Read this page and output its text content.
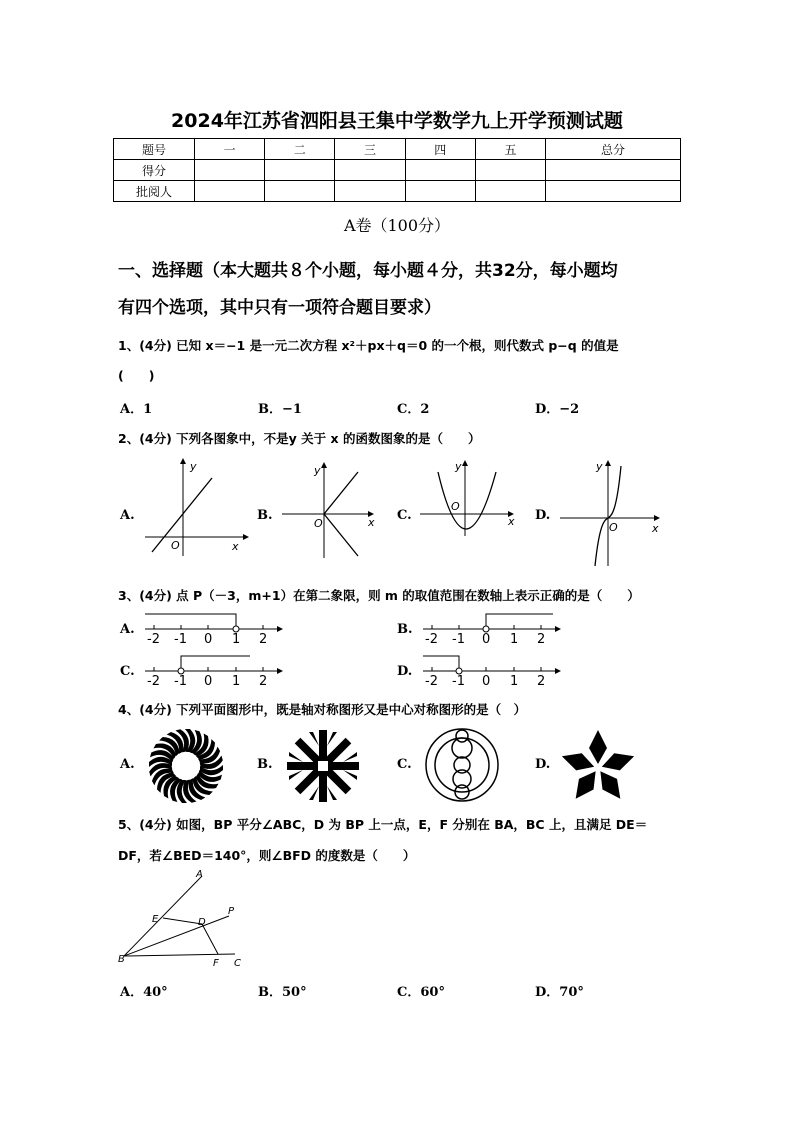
2024年江苏省泗阳县王集中学数学九上开学预测试题
题号	一	二	三	四	五	总分
得分						
批阅人						
A卷（100分）
一、选择题（本大题共８个小题，每小题４分，共32分，每小题均
有四个选项，其中只有一项符合题目要求）
1、(4分) 已知 x＝−1 是一元二次方程 x²＋px＋q＝0 的一个根，则代数式 p−q 的值是
(　　)
A．1	B．−1	C．2	D．−2
2、(4分) 下列各图象中，不是y 关于 x 的函数图象的是（　　）
A.	B.	C.	D.
y
x
O
y
x
O
y
x
O
y
x
O
3、(4分) 点 P（－3，m+1）在第二象限，则 m 的取值范围在数轴上表示正确的是（　　）
A.	B.
C.	D.
-2 -1 0 1 2	-2 -1 0 1 2
-2 -1 0 1 2	-2 -1 0 1 2
4、(4分) 下列平面图形中，既是轴对称图形又是中心对称图形的是（　）
A.	B.	C.	D.
5、(4分) 如图，BP 平分∠ABC，D 为 BP 上一点，E，F 分别在 BA，BC 上，且满足 DE＝
DF，若∠BED＝140°，则∠BFD 的度数是（　　）
A
P
E	D
B	F C
A．40°	B．50°	C．60°	D．70°
